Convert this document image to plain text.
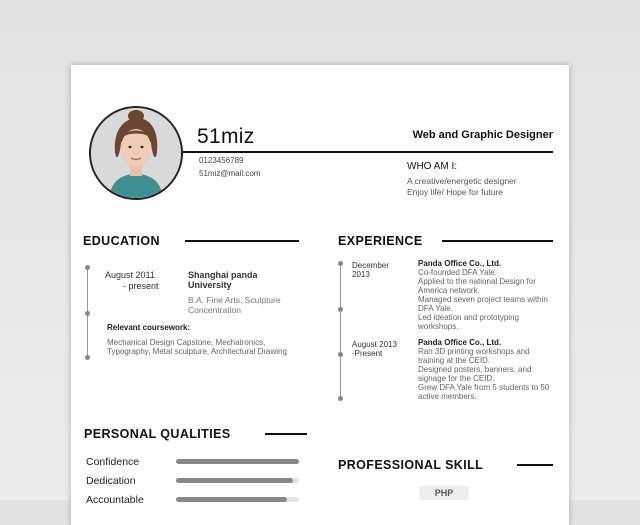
51miz	Web and Graphic Designer
0123456789
51miz@mail.com
WHO AM I:
A creative/energetic designer
Enjoy life/ Hope for future
EDUCATION
August 2011
- present
Shanghai panda
University
B.A. Fine Arts, Sculpture
Concentration
Relevant coursework:
Mechanical Design Capstone, Mechatronics,
Typography, Metal sculpture, Architectural Drawing
EXPERIENCE
December
2013
Panda Office Co., Ltd.
Co-founded DFA Yale.
Applied to the national Design for
America network.
Managed seven project teams within
DFA Yale.
Led ideation and prototyping
workshops.
August 2013
-Present
Panda Office Co., Ltd.
Ran 3D printing workshops and
training at the CEID.
Designed posters, banners, and
signage for the CEID.
Grew DFA Yale from 5 students to 50
active members.
PERSONAL QUALITIES
Confidence
Dedication
Accountable
PROFESSIONAL SKILL
PHP
